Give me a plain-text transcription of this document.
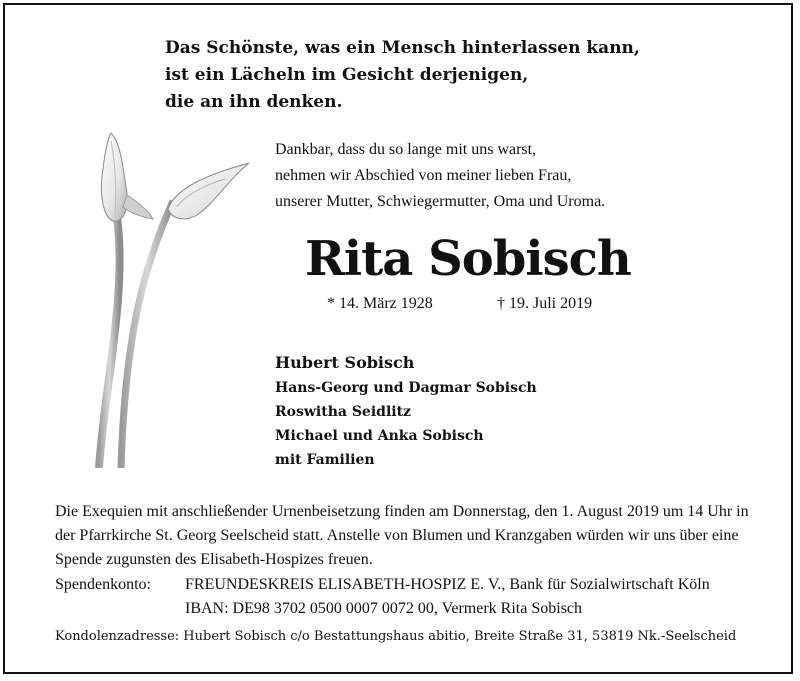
Das Schönste, was ein Mensch hinterlassen kann,
ist ein Lächeln im Gesicht derjenigen,
die an ihn denken.
Dankbar, dass du so lange mit uns warst,
nehmen wir Abschied von meiner lieben Frau,
unserer Mutter, Schwiegermutter, Oma und Uroma.
Rita Sobisch
* 14. März 1928	† 19. Juli 2019
Hubert Sobisch
Hans-Georg und Dagmar Sobisch
Roswitha Seidlitz
Michael und Anka Sobisch
mit Familien
Die Exequien mit anschließender Urnenbeisetzung finden am Donnerstag, den 1. August 2019 um 14 Uhr in der Pfarrkirche St. Georg Seelscheid statt. Anstelle von Blumen und Kranzgaben würden wir uns über eine Spende zugunsten des Elisabeth-Hospizes freuen.
Spendenkonto: FREUNDESKREIS ELISABETH-HOSPIZ E. V., Bank für Sozialwirtschaft Köln
IBAN: DE98 3702 0500 0007 0072 00, Vermerk Rita Sobisch
Kondolenzadresse: Hubert Sobisch c/o Bestattungshaus abitio, Breite Straße 31, 53819 Nk.-Seelscheid
